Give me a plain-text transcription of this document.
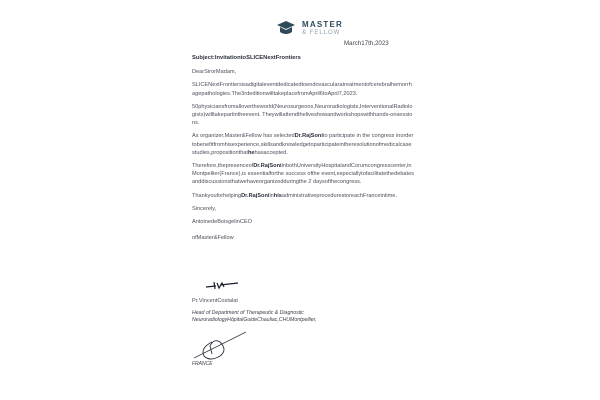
MASTER
& FELLOW
March17th,2023

Subject:InvitationtoSLICENextFrontiers

DearSirorMadam,

SLICENextFrontiersisadigitaleventdedicatedtoendovascularatreatmentofcerebralhemorrhagepathologies.The3rdeditionwilltakeplacefromApril6toApril7,2023.

50physiciansfromallovertheworld(Neurosurgeons,Neuroradiologists,InterventionalRadiologists)willtakepartintheevent. Theywillattendtheliveshowandworkshopswithhands-onsessions.

As organizer,Master&Fellow has selectedDr.RajSonito participate in the congress inordertobenefitfromhisexperience,skillsandknowledgetoparticipateintheresolutionofmedicalcasestudies,propositionthathehasaccepted.

Therefore,thepresenceofDr.RajSoniinbothUniversityHospitalandCorumcongresscenter,inMontpellier(France),is essentialforthe success ofthe event,especiallytofacilitatethedebatesanddiscussionsthatwehaveorganizedduringthe 2 daysofthecongress.

ThankyouforhelpingDr.RajSoniinhisadministrativeprocedurestoreachFranceintime.

Sincerely,

AntoinedeBoisgelinCEO

ofMaster&Fellow

Pr.VincentCostalat
Head of Department of Therapeutic & Diagnostic
NeuroradiologyHôpitalGuideChauliac,CHUMontpellier,
FRANCE
